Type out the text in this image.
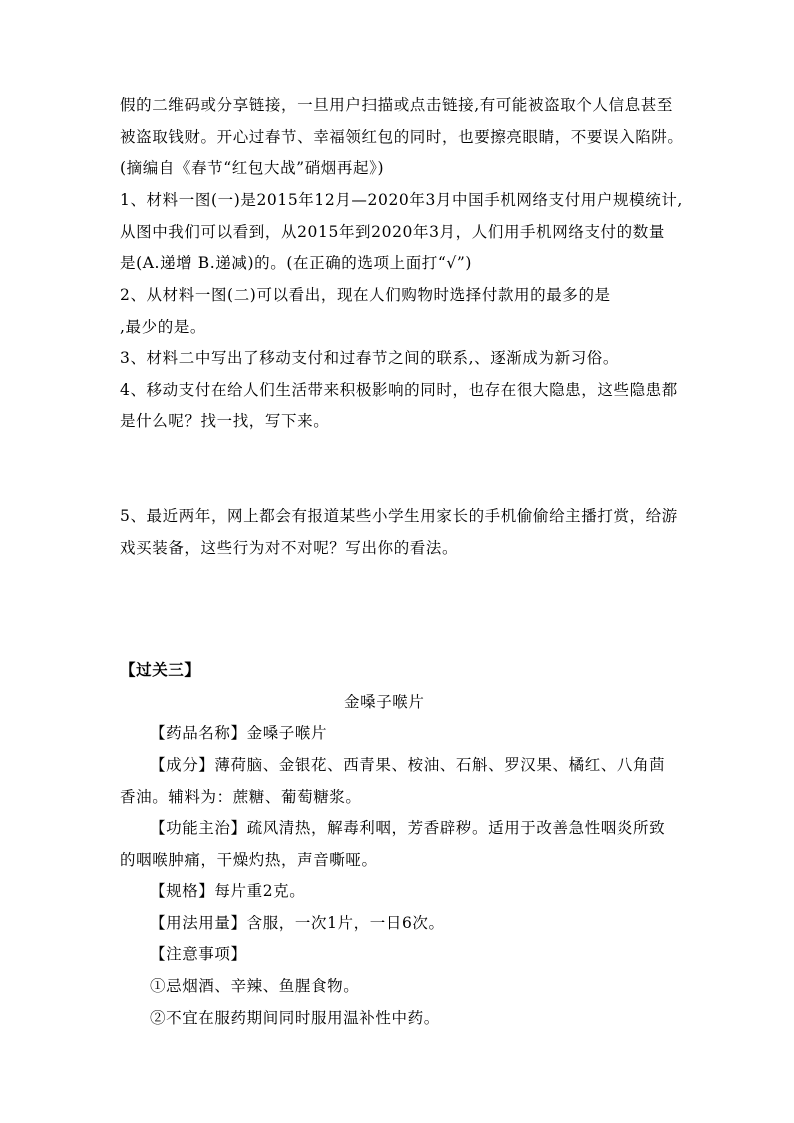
假的二维码或分享链接，一旦用户扫描或点击链接,有可能被盗取个人信息甚至
被盗取钱财。开心过春节、幸福领红包的同时，也要擦亮眼睛，不要误入陷阱。
(摘编自《春节“红包大战”硝烟再起》)
1、材料一图(一)是2015年12月—2020年3月中国手机网络支付用户规模统计,
从图中我们可以看到，从2015年到2020年3月，人们用手机网络支付的数量
是(A.递增 B.递减)的。(在正确的选项上面打“√”)
2、从材料一图(二)可以看出，现在人们购物时选择付款用的最多的是
,最少的是。
3、材料二中写出了移动支付和过春节之间的联系,、逐渐成为新习俗。
4、移动支付在给人们生活带来积极影响的同时，也存在很大隐患，这些隐患都
是什么呢？找一找，写下来。
5、最近两年，网上都会有报道某些小学生用家长的手机偷偷给主播打赏，给游
戏买装备，这些行为对不对呢？写出你的看法。
【过关三】
金嗓子喉片
【药品名称】金嗓子喉片
【成分】薄荷脑、金银花、西青果、桉油、石斛、罗汉果、橘红、八角茴
香油。辅料为：蔗糖、葡萄糖浆。
【功能主治】疏风清热，解毒利咽，芳香辟秽。适用于改善急性咽炎所致
的咽喉肿痛，干燥灼热，声音嘶哑。
【规格】每片重2克。
【用法用量】含服，一次1片，一日6次。
【注意事项】
①忌烟酒、辛辣、鱼腥食物。
②不宜在服药期间同时服用温补性中药。
